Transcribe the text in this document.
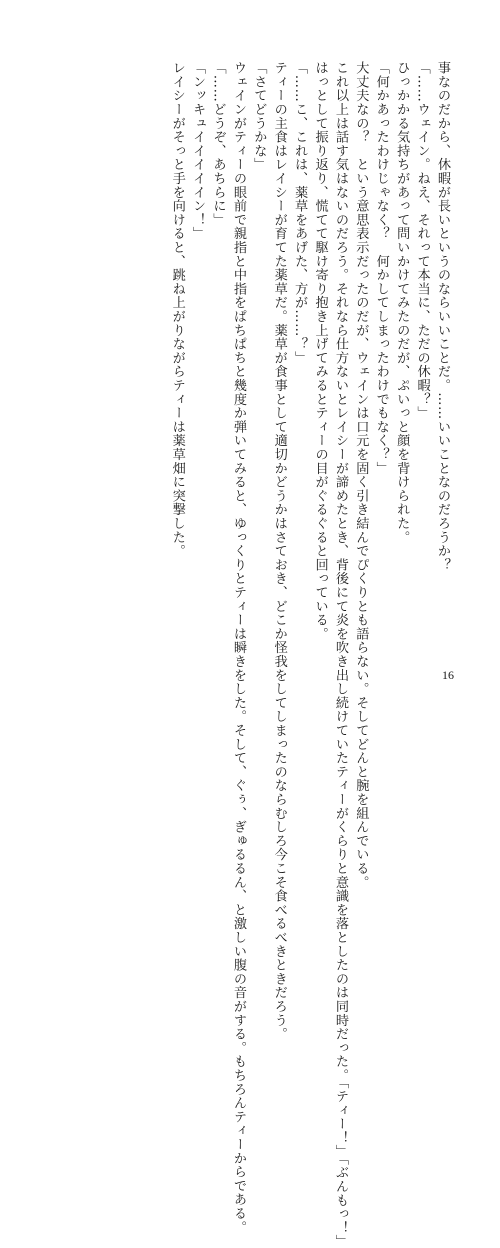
事なのだから、休暇が長いというのならいいことだ。……いいことなのだろうか？
「……ウェイン。ねえ、それって本当に、ただの休暇？」
ひっかかる気持ちがあって問いかけてみたのだが、ぷいっと顔を背けられた。
「何かあったわけじゃなく？　何かしてしまったわけでもなく？」
大丈夫なの？　という意思表示だったのだが、ウェインは口元を固く引き結んでぴくりとも語らない。そしてどんと腕を組んでいる。
これ以上は話す気はないのだろう。それなら仕方ないとレイシーが諦めたとき、背後にて炎を吹き出し続けていたティーがくらりと意識を落としたのは同時だった。「ティー！」「ぶんもっ！」
はっとして振り返り、慌てて駆け寄り抱き上げてみるとティーの目がぐるぐると回っている。
「……こ、これは、薬草をあげた、方が……？」
ティーの主食はレイシーが育てた薬草だ。薬草が食事として適切かどうかはさておき、どこか怪我をしてしまったのならむしろ今こそ食べるべきときだろう。
「さてどうかな」
ウェインがティーの眼前で親指と中指をぱちぱちと幾度か弾いてみると、ゆっくりとティーは瞬きをした。そして、ぐぅ、ぎゅるるん、と激しい腹の音がする。もちろんティーからである。
「……どうぞ、あちらに」
「ンッキュイイイイイン！」
レイシーがそっと手を向けると、跳ね上がりながらティーは薬草畑に突撃した。
16
